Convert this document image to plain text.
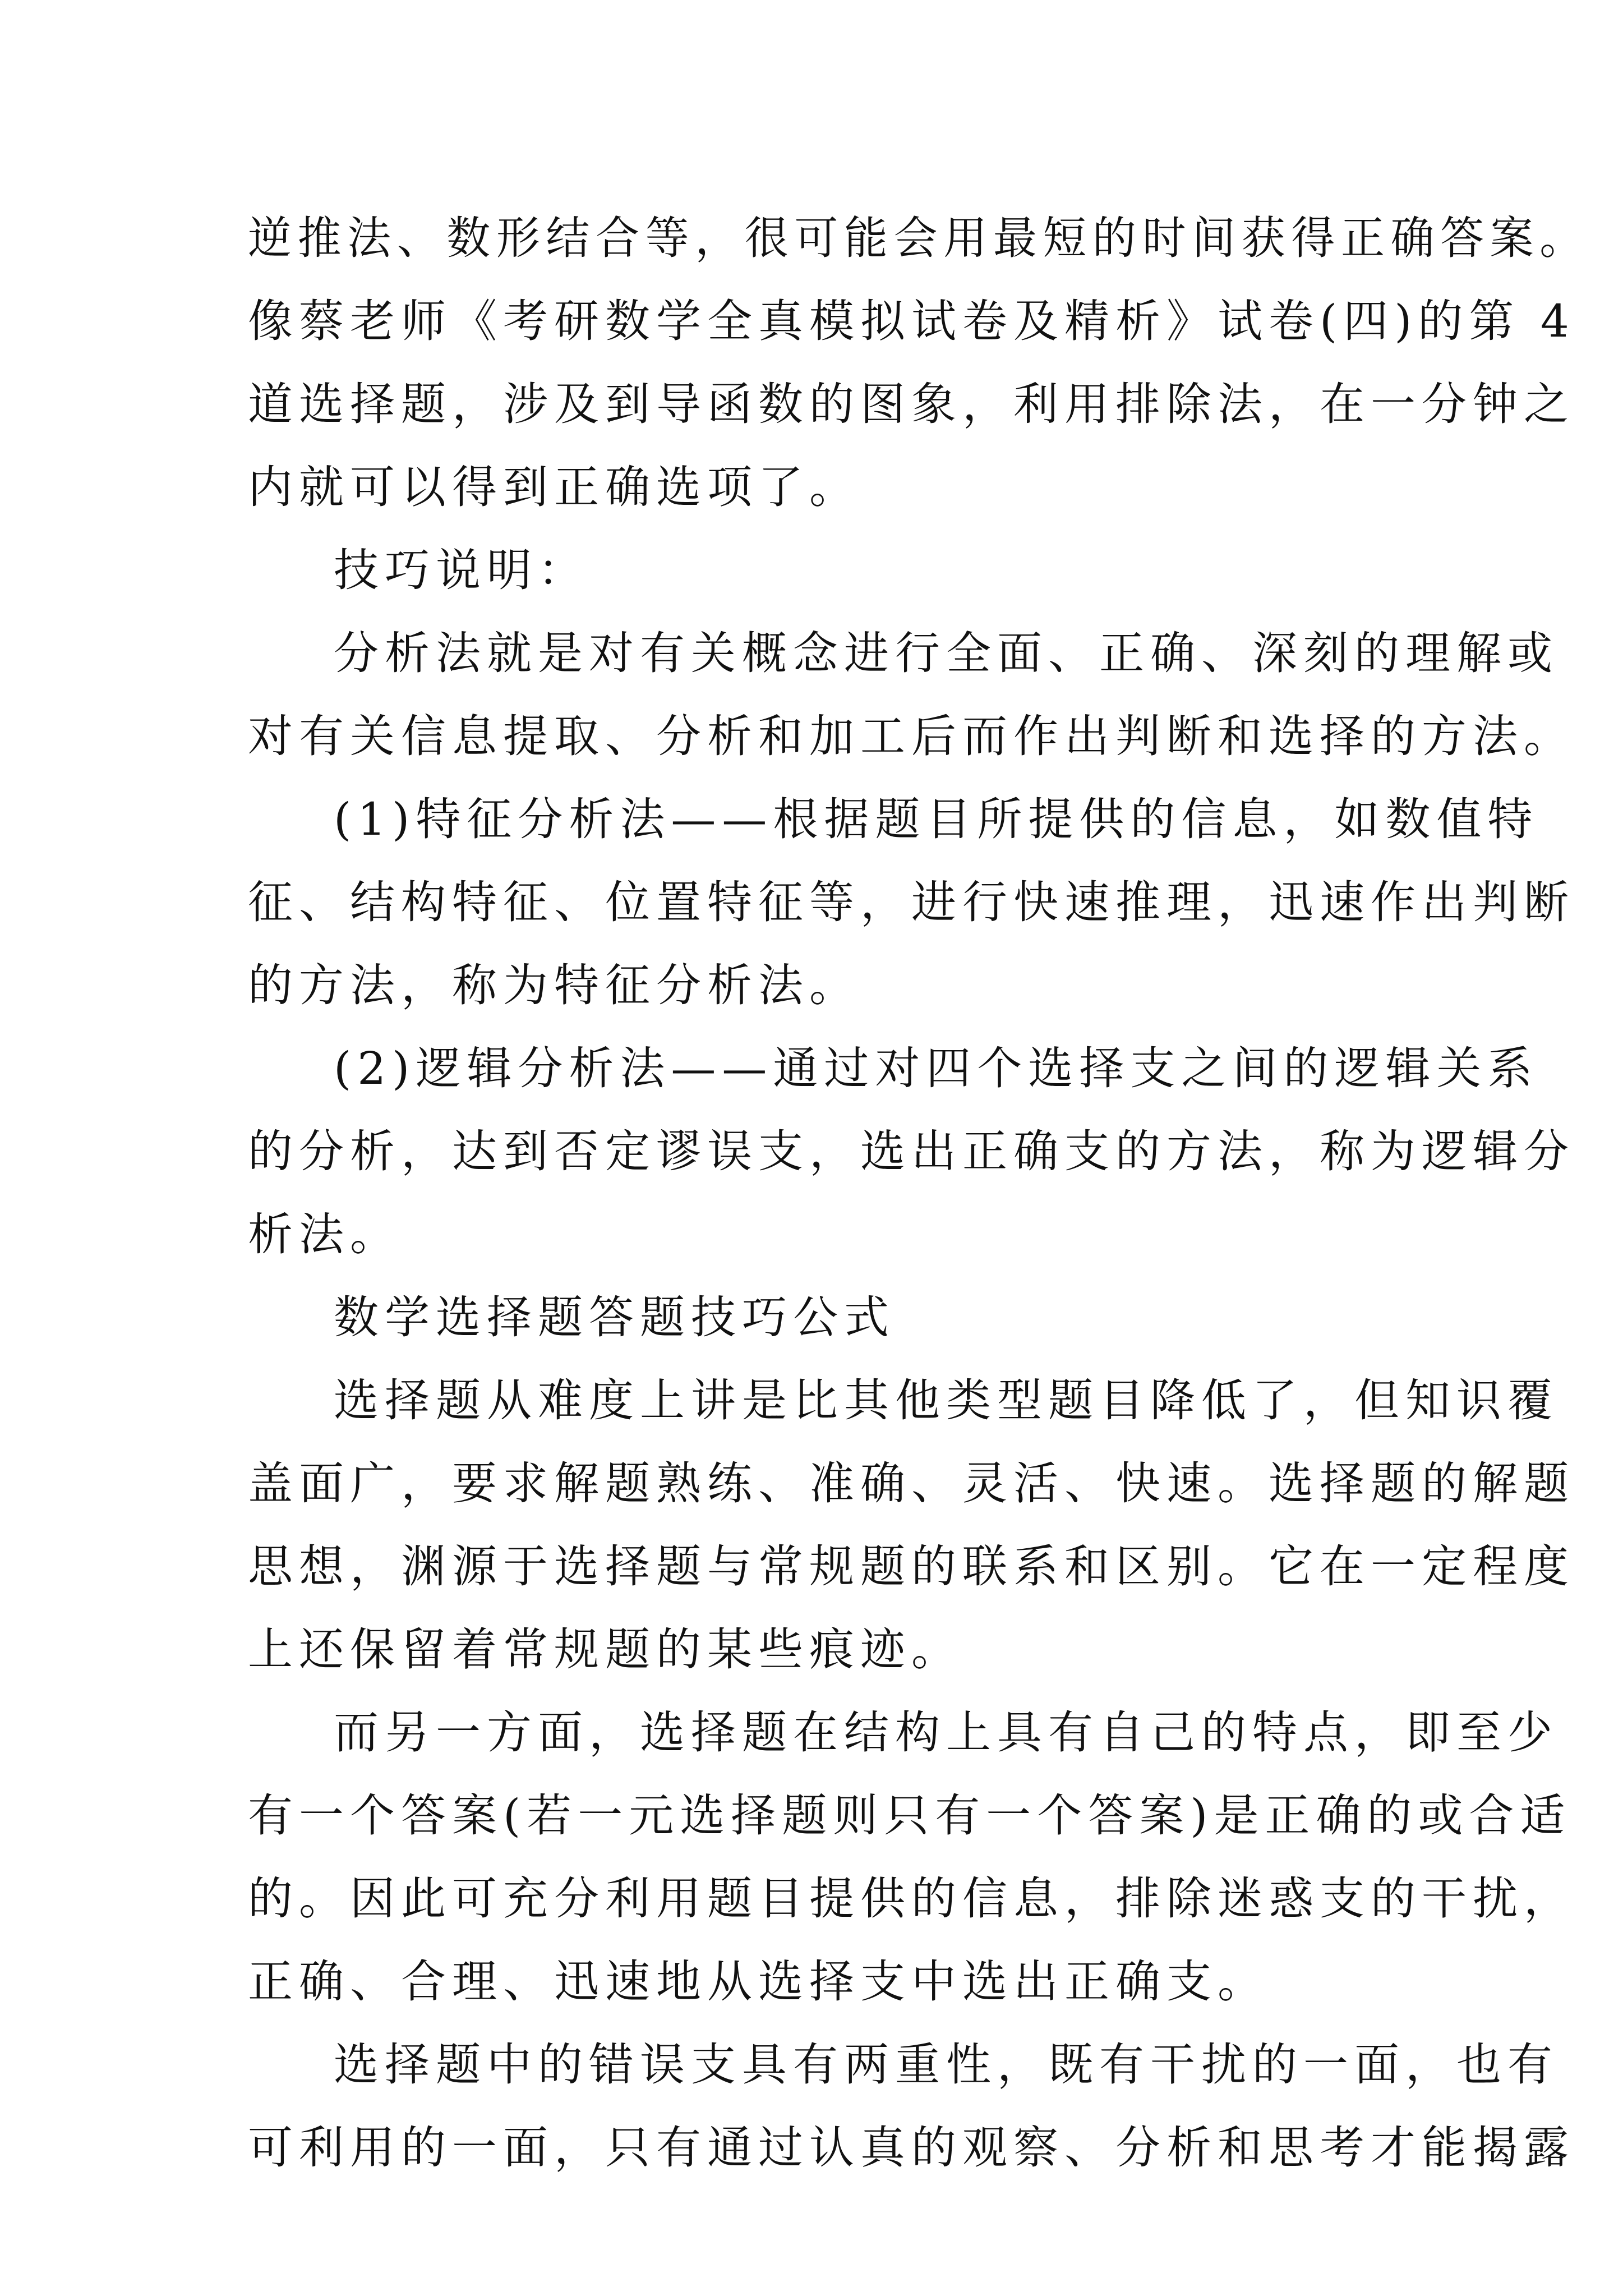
逆推法、数形结合等，很可能会用最短的时间获得正确答案。
像蔡老师《考研数学全真模拟试卷及精析》试卷(四)的第 4
道选择题，涉及到导函数的图象，利用排除法，在一分钟之
内就可以得到正确选项了。
技巧说明：
分析法就是对有关概念进行全面、正确、深刻的理解或
对有关信息提取、分析和加工后而作出判断和选择的方法。
(1)特征分析法——根据题目所提供的信息，如数值特
征、结构特征、位置特征等，进行快速推理，迅速作出判断
的方法，称为特征分析法。
(2)逻辑分析法——通过对四个选择支之间的逻辑关系
的分析，达到否定谬误支，选出正确支的方法，称为逻辑分
析法。
数学选择题答题技巧公式
选择题从难度上讲是比其他类型题目降低了，但知识覆
盖面广，要求解题熟练、准确、灵活、快速。选择题的解题
思想，渊源于选择题与常规题的联系和区别。它在一定程度
上还保留着常规题的某些痕迹。
而另一方面，选择题在结构上具有自己的特点，即至少
有一个答案(若一元选择题则只有一个答案)是正确的或合适
的。因此可充分利用题目提供的信息，排除迷惑支的干扰，
正确、合理、迅速地从选择支中选出正确支。
选择题中的错误支具有两重性，既有干扰的一面，也有
可利用的一面，只有通过认真的观察、分析和思考才能揭露
